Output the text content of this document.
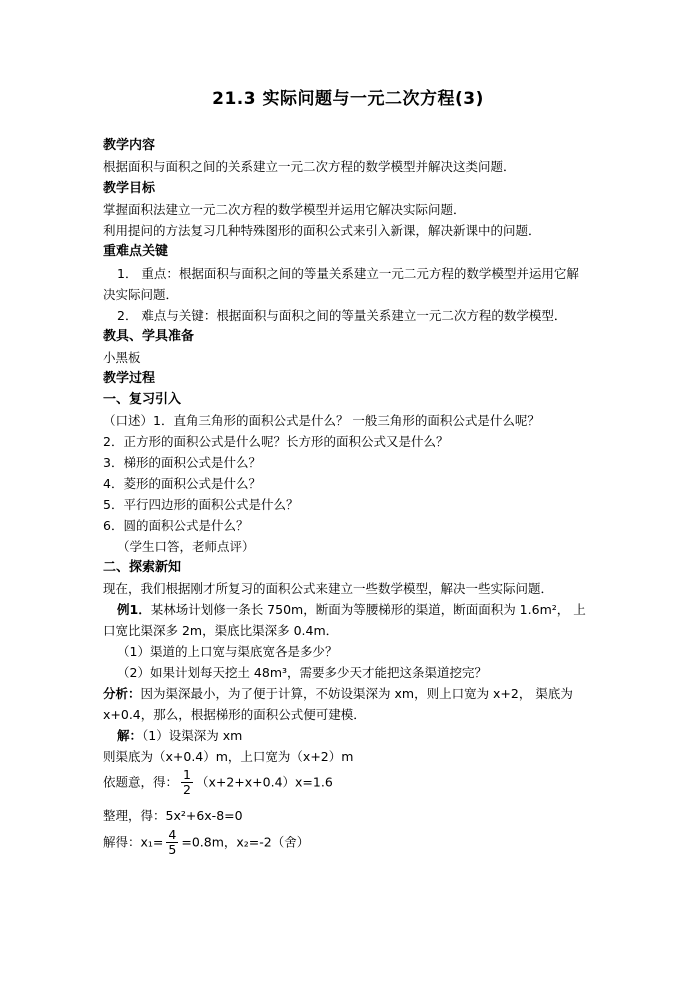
21.3 实际问题与一元二次方程(3)
教学内容
根据面积与面积之间的关系建立一元二次方程的数学模型并解决这类问题．
教学目标
掌握面积法建立一元二次方程的数学模型并运用它解决实际问题．
利用提问的方法复习几种特殊图形的面积公式来引入新课，解决新课中的问题．
重难点关键
1． 重点：根据面积与面积之间的等量关系建立一元二元方程的数学模型并运用它解
决实际问题．
2． 难点与关键：根据面积与面积之间的等量关系建立一元二次方程的数学模型．
教具、学具准备
小黑板
教学过程
一、复习引入
（口述）1．直角三角形的面积公式是什么？ 一般三角形的面积公式是什么呢？
2．正方形的面积公式是什么呢？长方形的面积公式又是什么？
3．梯形的面积公式是什么？
4．菱形的面积公式是什么？
5．平行四边形的面积公式是什么？
6．圆的面积公式是什么？
（学生口答，老师点评）
二、探索新知
现在，我们根据刚才所复习的面积公式来建立一些数学模型，解决一些实际问题．
例1．某林场计划修一条长 750m，断面为等腰梯形的渠道，断面面积为 1.6m²， 上
口宽比渠深多 2m，渠底比渠深多 0.4m．
（1）渠道的上口宽与渠底宽各是多少？
（2）如果计划每天挖土 48m³，需要多少天才能把这条渠道挖完？
分析：因为渠深最小，为了便于计算，不妨设渠深为 xm，则上口宽为 x+2， 渠底为
x+0.4，那么，根据梯形的面积公式便可建模．
解：（1）设渠深为 xm
则渠底为（x+0.4）m，上口宽为（x+2）m
依题意，得： $\frac{1}{2} (x+2+x+0.4)x=1.6$
整理，得：5x²+6x-8=0
解得：$x_1= \frac{4}{5} =0.8m$，x₂=-2（舍）
